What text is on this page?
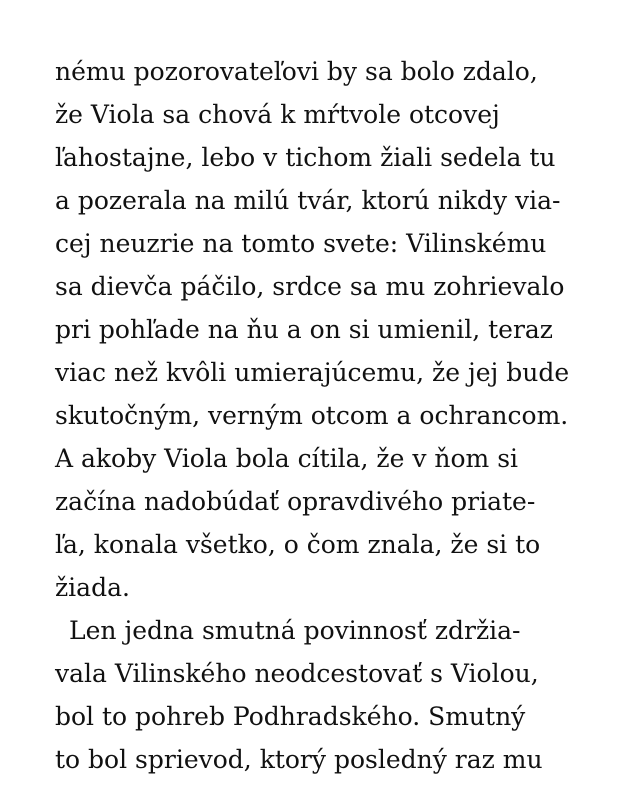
nému pozorovateľovi by sa bolo zdalo,
že Viola sa chová k mŕtvole otcovej
ľahostajne, lebo v tichom žiali sedela tu
a pozerala na milú tvár, ktorú nikdy via-
cej neuzrie na tomto svete: Vilinskému
sa dievča páčilo, srdce sa mu zohrievalo
pri pohľade na ňu a on si umienil, teraz
viac než kvôli umierajúcemu, že jej bude
skutočným, verným otcom a ochrancom.
A akoby Viola bola cítila, že v ňom si
začína nadobúdať opravdivého priate-
ľa, konala všetko, o čom znala, že si to
žiada.
Len jedna smutná povinnosť zdržia-
vala Vilinského neodcestovať s Violou,
bol to pohreb Podhradského. Smutný
to bol sprievod, ktorý posledný raz mu
